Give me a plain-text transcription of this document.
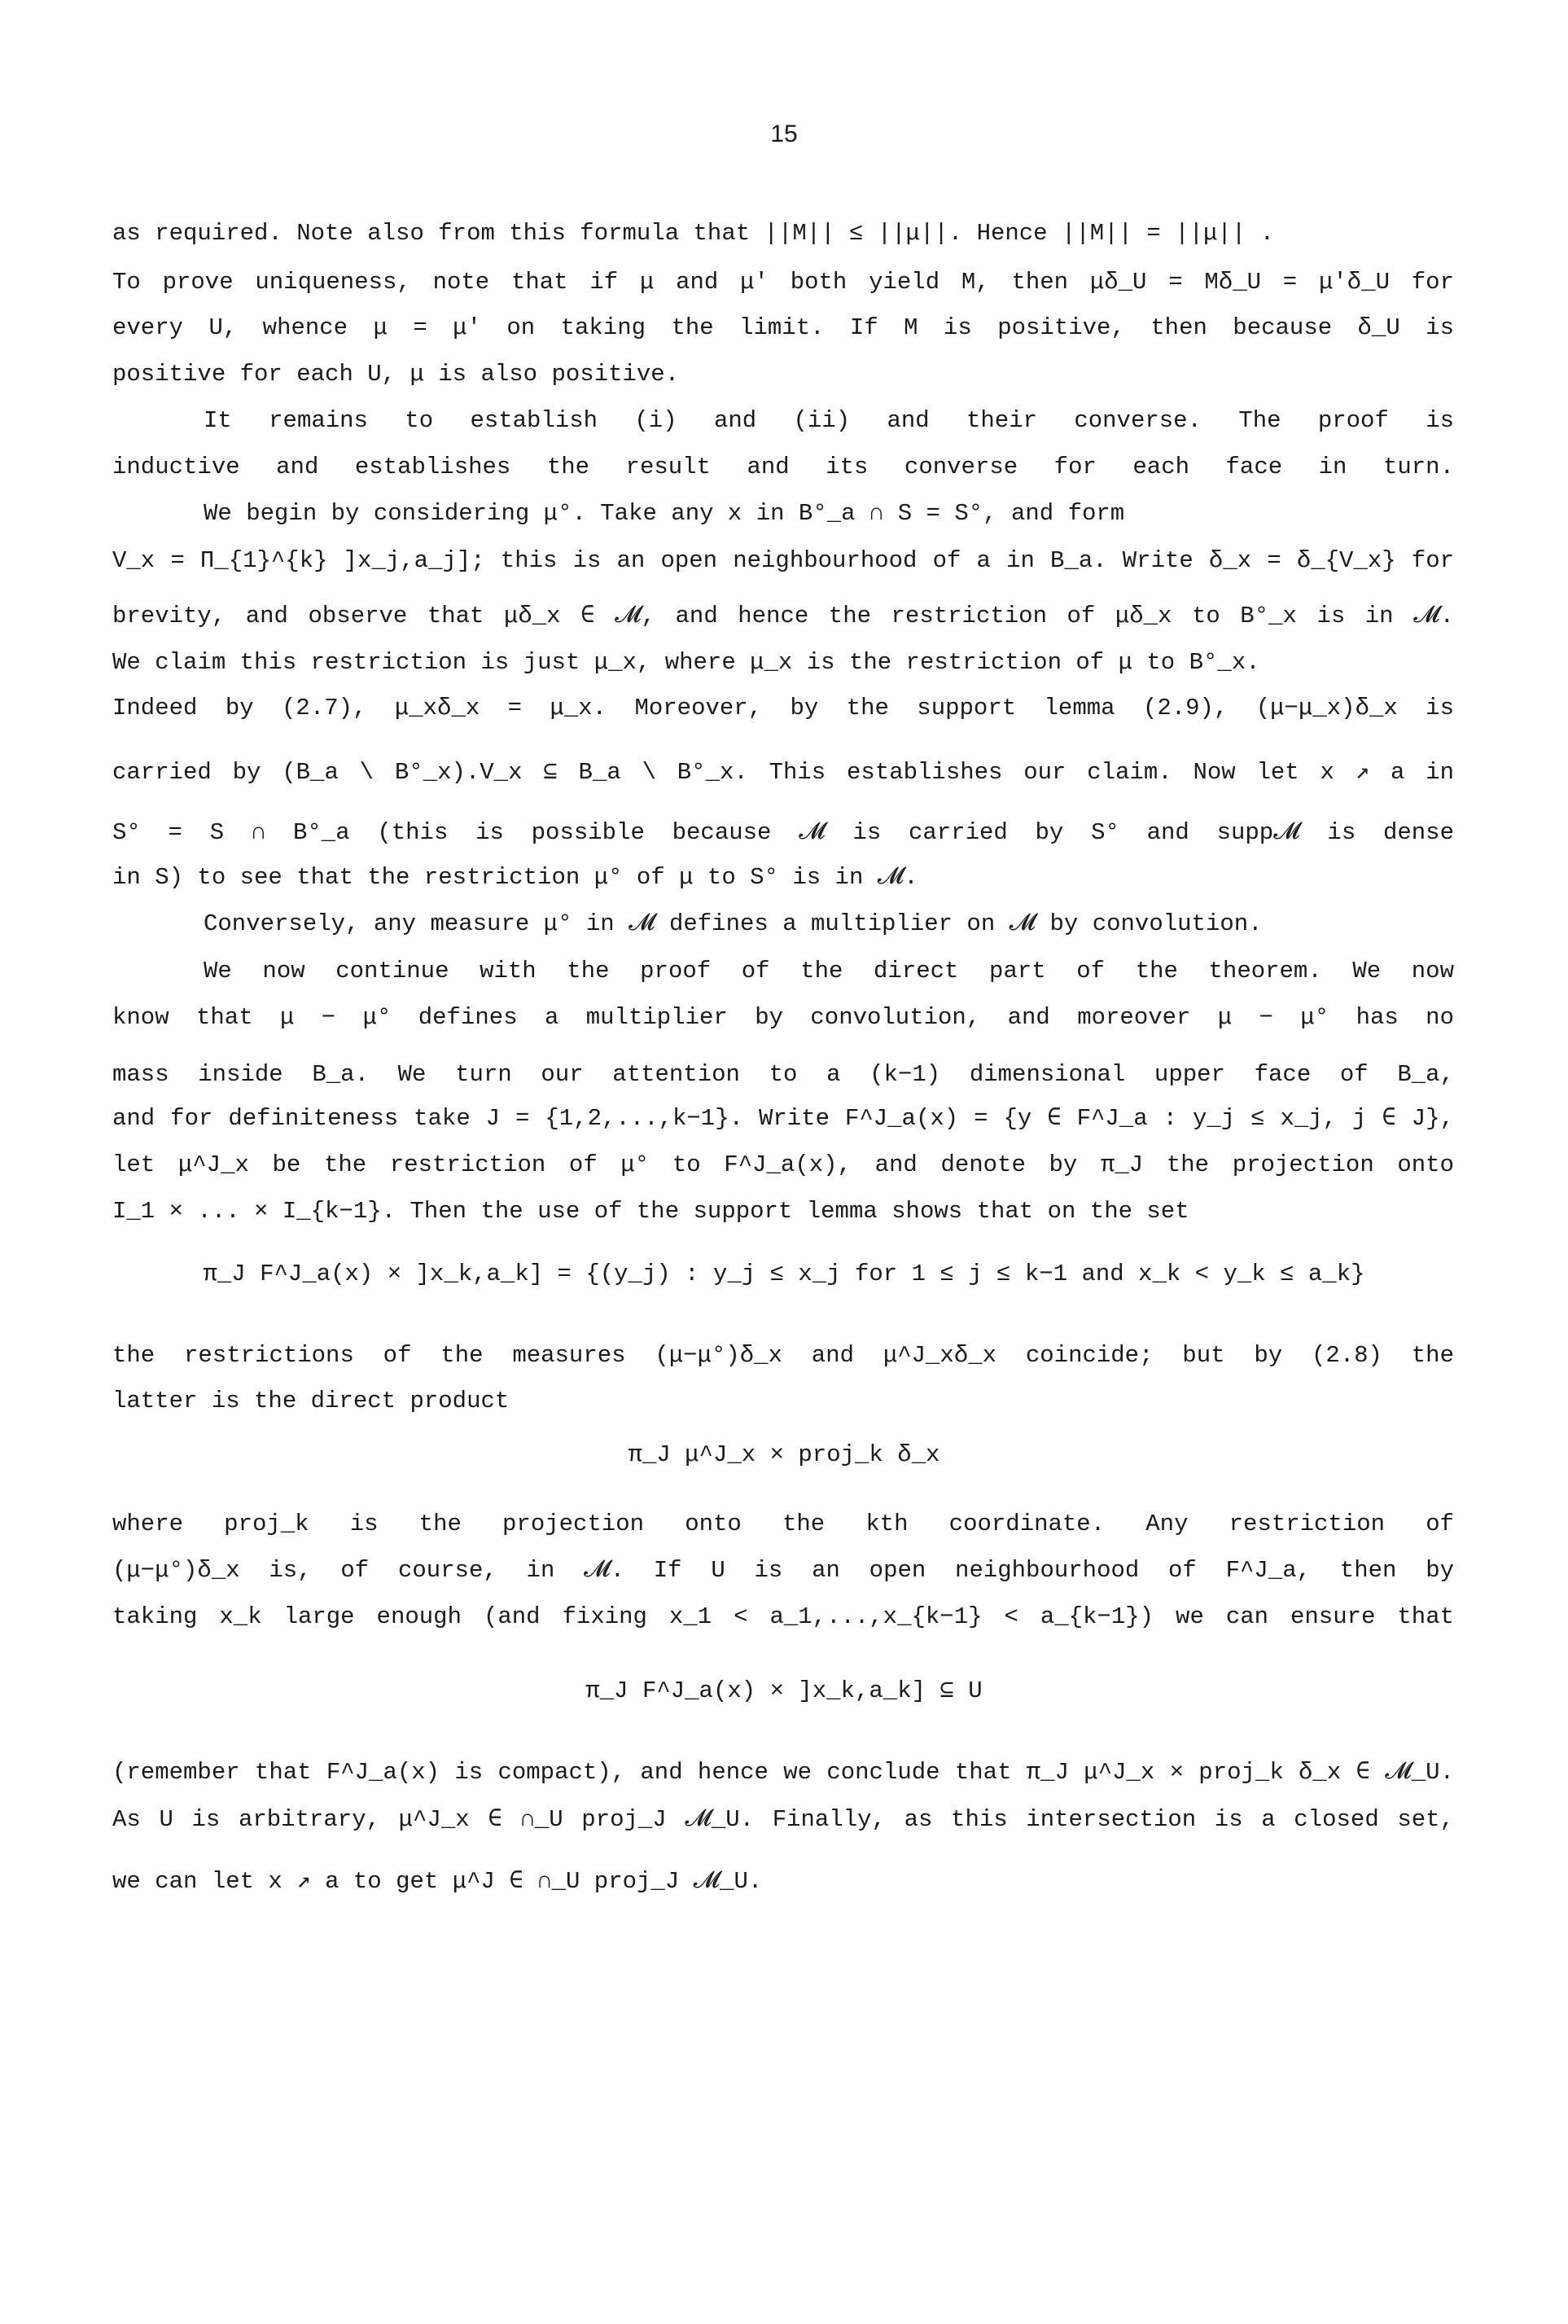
15
as required. Note also from this formula that ||M|| ≤ ||μ||. Hence ||M|| = ||μ|| .
To prove uniqueness, note that if μ and μ′ both yield M, then μδ_U = Mδ_U = μ′δ_U for
every U, whence μ = μ′ on taking the limit. If M is positive, then because δ_U is
positive for each U, μ is also positive.
It remains to establish (i) and (ii) and their converse. The proof is
inductive and establishes the result and its converse for each face in turn.
We begin by considering μ°. Take any x in B°_a ∩ S = S°, and form
V_x = Π_{1}^{k} ]x_j,a_j]; this is an open neighbourhood of a in B_a. Write δ_x = δ_{V_x} for
brevity, and observe that μδ_x ∈ 𝓜, and hence the restriction of μδ_x to B°_x is in 𝓜.
We claim this restriction is just μ_x, where μ_x is the restriction of μ to B°_x.
Indeed by (2.7), μ_xδ_x = μ_x. Moreover, by the support lemma (2.9), (μ−μ_x)δ_x is
carried by (B_a \ B°_x).V_x ⊆ B_a \ B°_x. This establishes our claim. Now let x ↗ a in
S° = S ∩ B°_a (this is possible because 𝓜 is carried by S° and supp𝓜 is dense
in S) to see that the restriction μ° of μ to S° is in 𝓜.
Conversely, any measure μ° in 𝓜 defines a multiplier on 𝓜 by convolution.
We now continue with the proof of the direct part of the theorem. We now
know that μ − μ° defines a multiplier by convolution, and moreover μ − μ° has no
mass inside B_a. We turn our attention to a (k−1) dimensional upper face of B_a,
and for definiteness take J = {1,2,...,k−1}. Write F^J_a(x) = {y ∈ F^J_a : y_j ≤ x_j, j ∈ J},
let μ^J_x be the restriction of μ° to F^J_a(x), and denote by π_J the projection onto
I_1 × ... × I_{k−1}. Then the use of the support lemma shows that on the set
π_J F^J_a(x) × ]x_k,a_k] = {(y_j) : y_j ≤ x_j for 1 ≤ j ≤ k−1 and x_k < y_k ≤ a_k}
the restrictions of the measures (μ−μ°)δ_x and μ^J_xδ_x coincide; but by (2.8) the
latter is the direct product
π_J μ^J_x × proj_k δ_x
where proj_k is the projection onto the kth coordinate. Any restriction of
(μ−μ°)δ_x is, of course, in 𝓜. If U is an open neighbourhood of F^J_a, then by
taking x_k large enough (and fixing x_1 < a_1,...,x_{k−1} < a_{k−1}) we can ensure that
π_J F^J_a(x) × ]x_k,a_k] ⊆ U
(remember that F^J_a(x) is compact), and hence we conclude that π_J μ^J_x × proj_k δ_x ∈ 𝓜_U.
As U is arbitrary, μ^J_x ∈ ∩_U proj_J 𝓜_U. Finally, as this intersection is a closed set,
we can let x ↗ a to get μ^J ∈ ∩_U proj_J 𝓜_U.
